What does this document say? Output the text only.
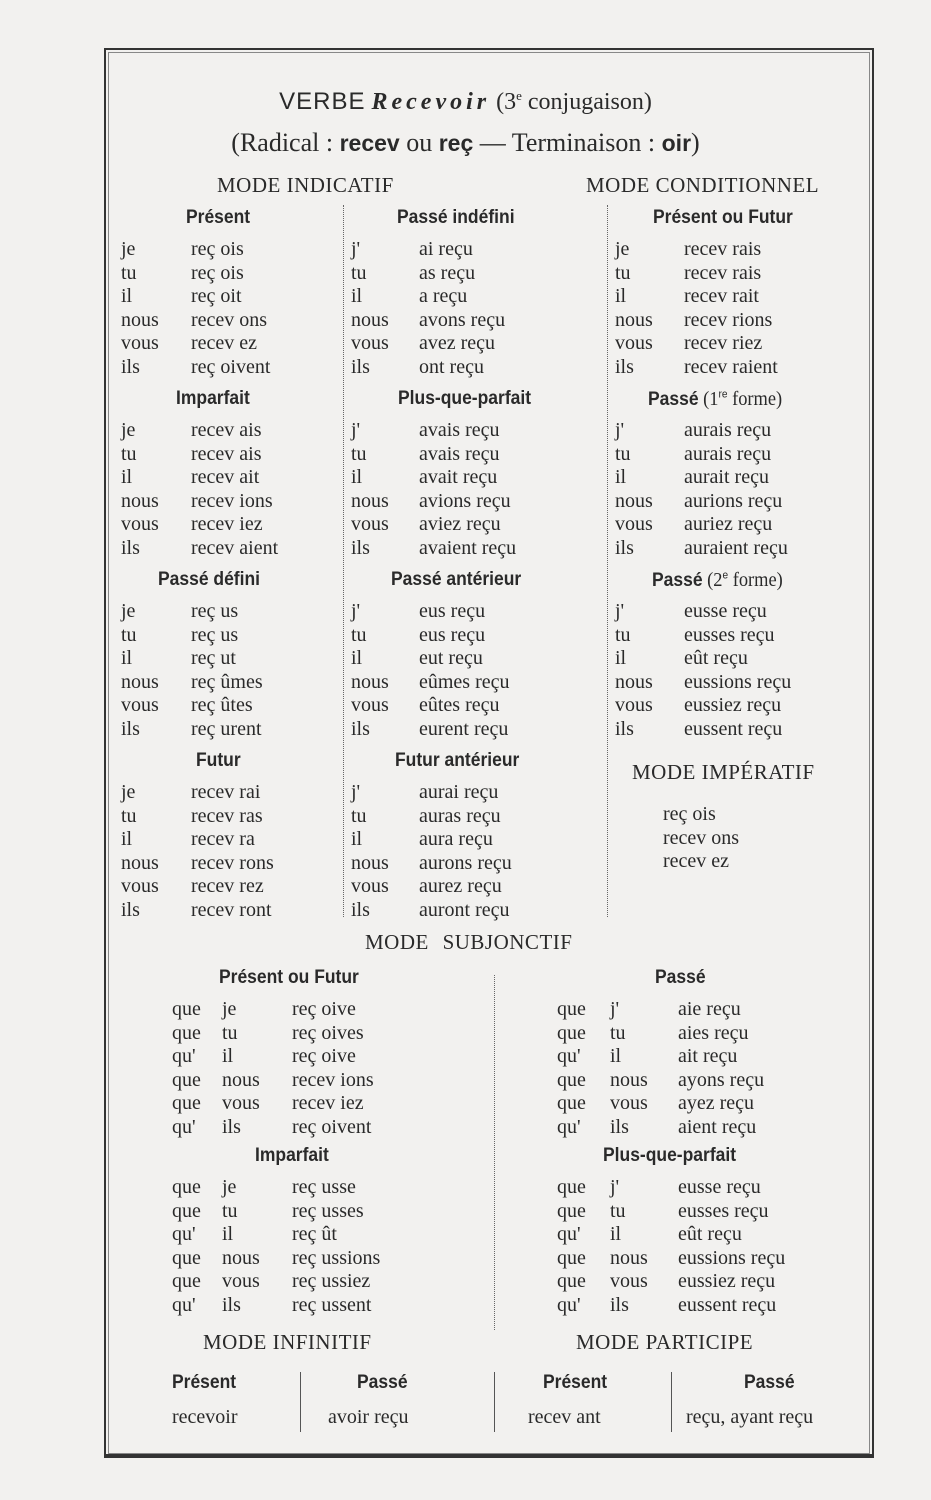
VERBE Recevoir (3e conjugaison)
(Radical : recev ou reç — Terminaison : oir)
MODE INDICATIF	MODE CONDITIONNEL
Présent
je	reç ois
tu	reç ois
il	reç oit
nous recev ons
vous recev ez
ils	reç oivent
Imparfait
je	recev ais
tu	recev ais
il	recev ait
nous recev ions
vous recev iez
ils	recev aient
Passé défini
je	reç us
tu	reç us
il	reç ut
nous reç ûmes
vous reç ûtes
ils	reç urent
Futur
je	recev rai
tu	recev ras
il	recev ra
nous recev rons
vous recev rez
ils	recev ront
Passé indéfini
j'	ai reçu
tu	as reçu
il	a reçu
nous avons reçu
vous avez reçu
ils ont reçu
Plus-que-parfait
j'	avais reçu
tu	avais reçu
il	avait reçu
nous avions reçu
vous aviez reçu
ils avaient reçu
Passé antérieur
j'	eus reçu
tu	eus reçu
il	eut reçu
nous eûmes reçu
vous eûtes reçu
ils eurent reçu
Futur antérieur
j'	aurai reçu
tu	auras reçu
il	aura reçu
nous aurons reçu
vous aurez reçu
ils auront reçu
Présent ou Futur
je	recev rais
tu	recev rais
il	recev rait
nous recev rions
vous recev riez
ils	recev raient
Passé (1re forme)
j'	aurais reçu
tu	aurais reçu
il	aurait reçu
nous aurions reçu
vous auriez reçu
ils	auraient reçu
Passé (2e forme)
j'	eusse reçu
tu	eusses reçu
il	eût reçu
nous eussions reçu
vous eussiez reçu
ils	eussent reçu
reç ois
recev ons
recev ez
Présent ou Futur
que je	reç oive
que tu	reç oives
qu' il	reç oive
que nous recev ions
que vous recev iez
qu' ils	reç oivent
Imparfait
que je	reç usse
que tu	reç usses
qu' il	reç ût
que nous reç ussions
que vous reç ussiez
qu' ils	reç ussent
Passé
que j'	aie reçu
que tu	aies reçu
qu' il	ait reçu
que nous ayons reçu
que vous ayez reçu
qu' ils aient reçu
Plus-que-parfait
que j'	eusse reçu
que tu	eusses reçu
qu' il	eût reçu
que nous eussions reçu
que vous eussiez reçu
qu' ils eussent reçu
MODE IMPÉRATIF
MODE SUBJONCTIF
MODE INFINITIF	MODE PARTICIPE
Présent	Passé
recevoir	avoir reçu
Présent	Passé
recev ant	reçu, ayant reçu
